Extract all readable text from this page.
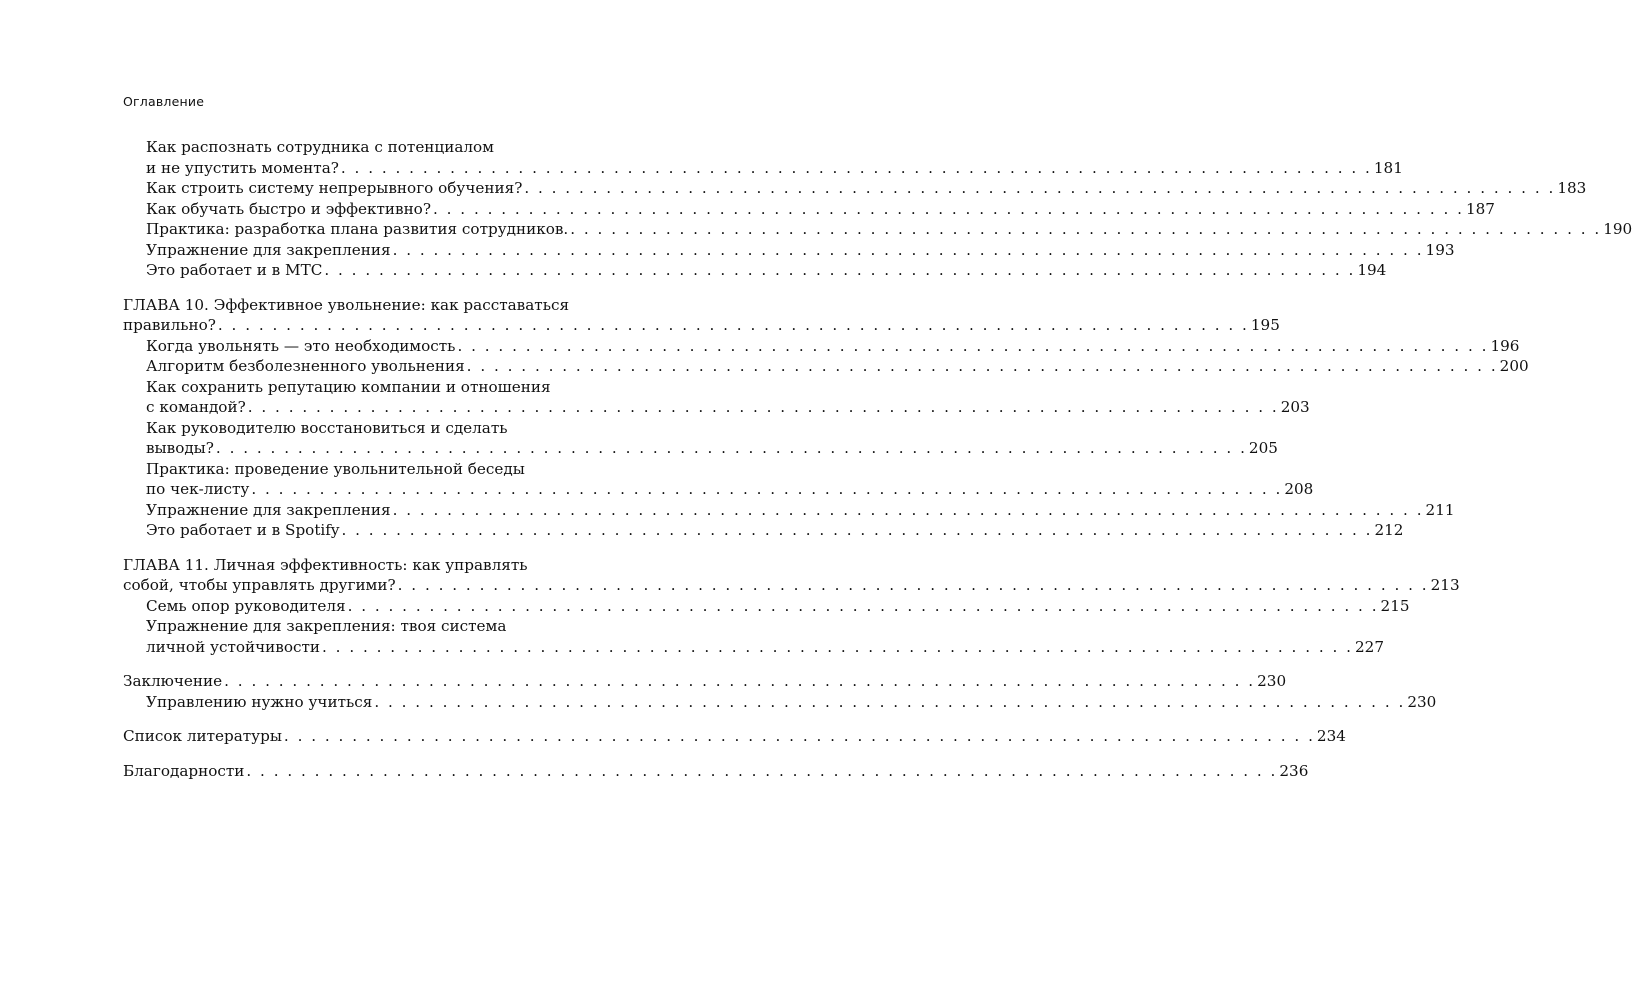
Оглавление
Как распознать сотрудника с потенциалом
и не упустить момента? . . . . . . . . . . . . . . . . . . . . . . . . . . . . . . . . . . . . . . . . . . . . . . . . . . . . . . . . . . . . . . . . . . . . . . . . . . . . 181
Как строить систему непрерывного обучения? . . . . . . . . . . . . . . . . . . . . . . . . . . . . . . . . . . . . . . . . . . . . . . . . . . . . . . . . . . . . . . . . . . . . . . . . . . . . 183
Как обучать быстро и эффективно? . . . . . . . . . . . . . . . . . . . . . . . . . . . . . . . . . . . . . . . . . . . . . . . . . . . . . . . . . . . . . . . . . . . . . . . . . . . . 187
Практика: разработка плана развития сотрудников. . . . . . . . . . . . . . . . . . . . . . . . . . . . . . . . . . . . . . . . . . . . . . . . . . . . . . . . . . . . . . . . . . . . . . . . . . . . . 190
Упражнение для закрепления . . . . . . . . . . . . . . . . . . . . . . . . . . . . . . . . . . . . . . . . . . . . . . . . . . . . . . . . . . . . . . . . . . . . . . . . . . . . 193
Это работает и в МТС . . . . . . . . . . . . . . . . . . . . . . . . . . . . . . . . . . . . . . . . . . . . . . . . . . . . . . . . . . . . . . . . . . . . . . . . . . . . 194
ГЛАВА 10. Эффективное увольнение: как расставаться
правильно? . . . . . . . . . . . . . . . . . . . . . . . . . . . . . . . . . . . . . . . . . . . . . . . . . . . . . . . . . . . . . . . . . . . . . . . . . . . . 195
Когда увольнять — это необходимость . . . . . . . . . . . . . . . . . . . . . . . . . . . . . . . . . . . . . . . . . . . . . . . . . . . . . . . . . . . . . . . . . . . . . . . . . . . . 196
Алгоритм безболезненного увольнения . . . . . . . . . . . . . . . . . . . . . . . . . . . . . . . . . . . . . . . . . . . . . . . . . . . . . . . . . . . . . . . . . . . . . . . . . . . . 200
Как сохранить репутацию компании и отношения
с командой? . . . . . . . . . . . . . . . . . . . . . . . . . . . . . . . . . . . . . . . . . . . . . . . . . . . . . . . . . . . . . . . . . . . . . . . . . . . . 203
Как руководителю восстановиться и сделать
выводы? . . . . . . . . . . . . . . . . . . . . . . . . . . . . . . . . . . . . . . . . . . . . . . . . . . . . . . . . . . . . . . . . . . . . . . . . . . . . 205
Практика: проведение увольнительной беседы
по чек-листу . . . . . . . . . . . . . . . . . . . . . . . . . . . . . . . . . . . . . . . . . . . . . . . . . . . . . . . . . . . . . . . . . . . . . . . . . . . . 208
Упражнение для закрепления . . . . . . . . . . . . . . . . . . . . . . . . . . . . . . . . . . . . . . . . . . . . . . . . . . . . . . . . . . . . . . . . . . . . . . . . . . . . 211
Это работает и в Spotify . . . . . . . . . . . . . . . . . . . . . . . . . . . . . . . . . . . . . . . . . . . . . . . . . . . . . . . . . . . . . . . . . . . . . . . . . . . . 212
ГЛАВА 11. Личная эффективность: как управлять
собой, чтобы управлять другими? . . . . . . . . . . . . . . . . . . . . . . . . . . . . . . . . . . . . . . . . . . . . . . . . . . . . . . . . . . . . . . . . . . . . . . . . . . . . 213
Семь опор руководителя . . . . . . . . . . . . . . . . . . . . . . . . . . . . . . . . . . . . . . . . . . . . . . . . . . . . . . . . . . . . . . . . . . . . . . . . . . . . 215
Упражнение для закрепления: твоя система
личной устойчивости . . . . . . . . . . . . . . . . . . . . . . . . . . . . . . . . . . . . . . . . . . . . . . . . . . . . . . . . . . . . . . . . . . . . . . . . . . . . 227
Заключение . . . . . . . . . . . . . . . . . . . . . . . . . . . . . . . . . . . . . . . . . . . . . . . . . . . . . . . . . . . . . . . . . . . . . . . . . . . . 230
Управлению нужно учиться . . . . . . . . . . . . . . . . . . . . . . . . . . . . . . . . . . . . . . . . . . . . . . . . . . . . . . . . . . . . . . . . . . . . . . . . . . . . 230
Список литературы . . . . . . . . . . . . . . . . . . . . . . . . . . . . . . . . . . . . . . . . . . . . . . . . . . . . . . . . . . . . . . . . . . . . . . . . . . . . 234
Благодарности . . . . . . . . . . . . . . . . . . . . . . . . . . . . . . . . . . . . . . . . . . . . . . . . . . . . . . . . . . . . . . . . . . . . . . . . . . . . 236
